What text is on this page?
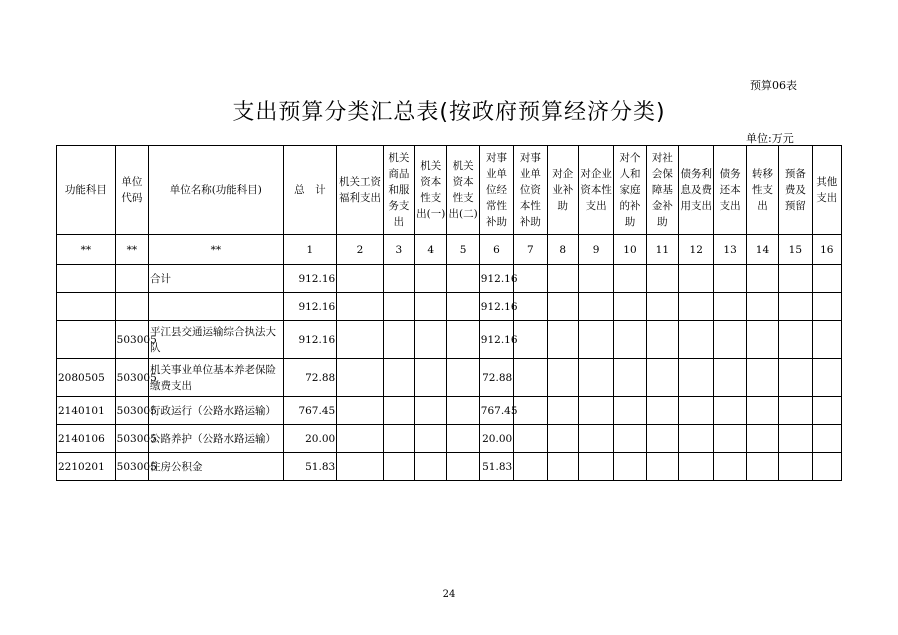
预算06表
支出预算分类汇总表(按政府预算经济分类)
单位:万元
功能科目	单位代码	单位名称(功能科目)	总　计	机关工资福利支出	机关商品和服务支出	机关资本性支出(一)	机关资本性支出(二)	对事业单位经常性补助	对事业单位资本性补助	对企业补助	对企业资本性支出	对个人和家庭的补助	对社会保障基金补助	债务利息及费用支出	债务还本支出	转移性支出	预备费及预留	其他支出
**	**	**	1	2	3	4	5	6	7	8	9	10	11	12	13	14	15	16
		合计	912.16					912.16										
			912.16					912.16										
	503005	平江县交通运输综合执法大队	912.16					912.16										
2080505	503005	机关事业单位基本养老保险缴费支出	72.88					72.88										
2140101	503005	行政运行（公路水路运输）	767.45					767.45										
2140106	503005	公路养护（公路水路运输）	20.00					20.00										
2210201	503005	住房公积金	51.83					51.83										
24
